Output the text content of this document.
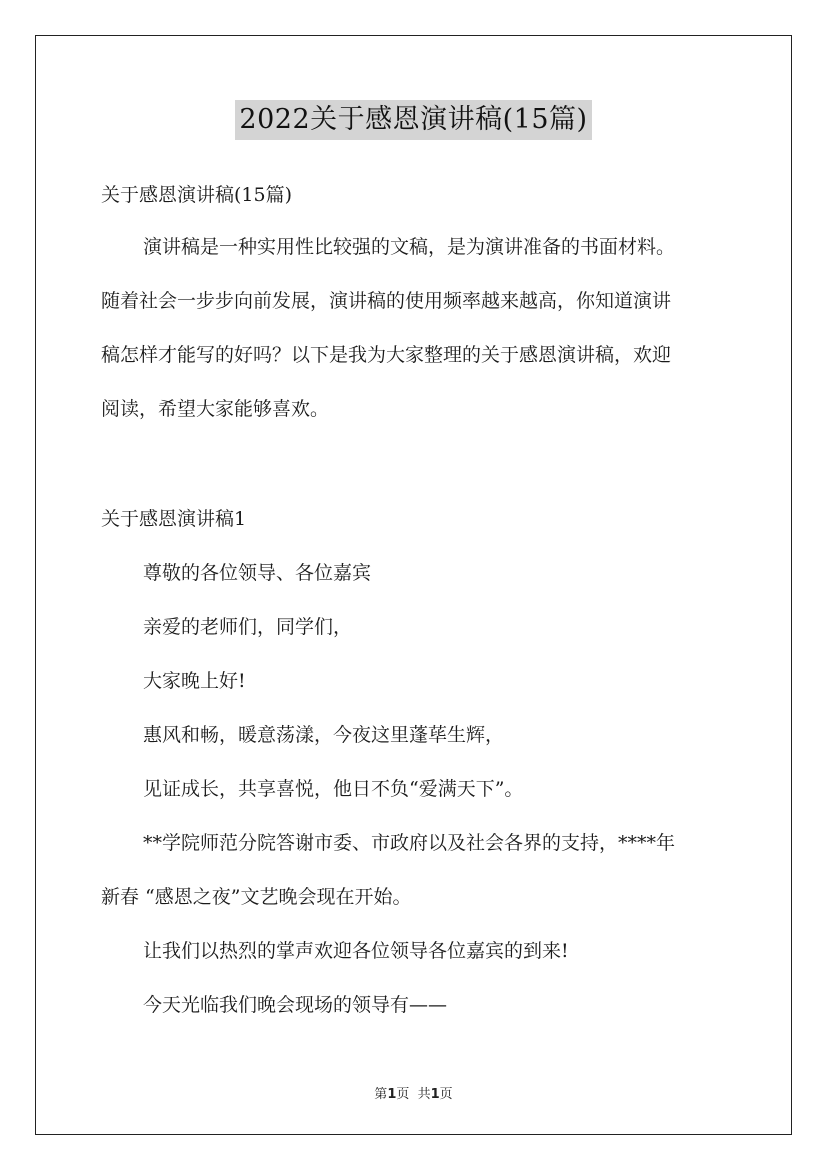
2022关于感恩演讲稿(15篇)
关于感恩演讲稿(15篇)
演讲稿是一种实用性比较强的文稿，是为演讲准备的书面材料。
随着社会一步步向前发展，演讲稿的使用频率越来越高，你知道演讲
稿怎样才能写的好吗？以下是我为大家整理的关于感恩演讲稿，欢迎
阅读，希望大家能够喜欢。
关于感恩演讲稿1
尊敬的各位领导、各位嘉宾
亲爱的老师们，同学们，
大家晚上好!
惠风和畅，暖意荡漾，今夜这里蓬荜生辉，
见证成长，共享喜悦，他日不负“爱满天下”。
**学院师范分院答谢市委、市政府以及社会各界的支持，****年
新春 “感恩之夜”文艺晚会现在开始。
让我们以热烈的掌声欢迎各位领导各位嘉宾的到来!
今天光临我们晚会现场的领导有——
第1页  共1页
